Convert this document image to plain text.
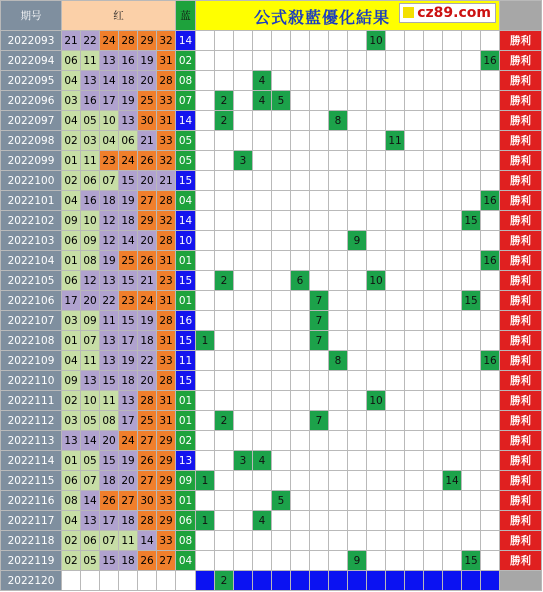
期号	红						蓝	公式殺藍優化結果 cz89.com																

2022093	21	22	24	28	29	32	14										10							勝利
2022094	06	11	13	16	19	31	02																16	勝利
2022095	04	13	14	18	20	28	08				4													勝利
2022096	03	16	17	19	25	33	07		2		4	5												勝利
2022097	04	05	10	13	30	31	14		2						8									勝利
2022098	02	03	04	06	21	33	05											11						勝利
2022099	01	11	23	24	26	32	05			3														勝利
2022100	02	06	07	15	20	21	15																	勝利
2022101	04	16	18	19	27	28	04																16	勝利
2022102	09	10	12	18	29	32	14															15		勝利
2022103	06	09	12	14	20	28	10									9								勝利
2022104	01	08	19	25	26	31	01																16	勝利
2022105	06	12	13	15	21	23	15		2				6				10							勝利
2022106	17	20	22	23	24	31	01							7								15		勝利
2022107	03	09	11	15	19	28	16							7										勝利
2022108	01	07	13	17	18	31	15	1						7										勝利
2022109	04	11	13	19	22	33	11								8								16	勝利
2022110	09	13	15	18	20	28	15																	勝利
2022111	02	10	11	13	28	31	01										10							勝利
2022112	03	05	08	17	25	31	01		2					7										勝利
2022113	13	14	20	24	27	29	02																	勝利
2022114	01	05	15	19	26	29	13			3	4													勝利
2022115	06	07	18	20	27	29	09	1													14			勝利
2022116	08	14	26	27	30	33	01					5												勝利
2022117	04	13	17	18	28	29	06	1			4													勝利
2022118	02	06	07	11	14	33	08																	勝利
2022119	02	05	15	18	26	27	04									9						15		勝利
2022120									2															
